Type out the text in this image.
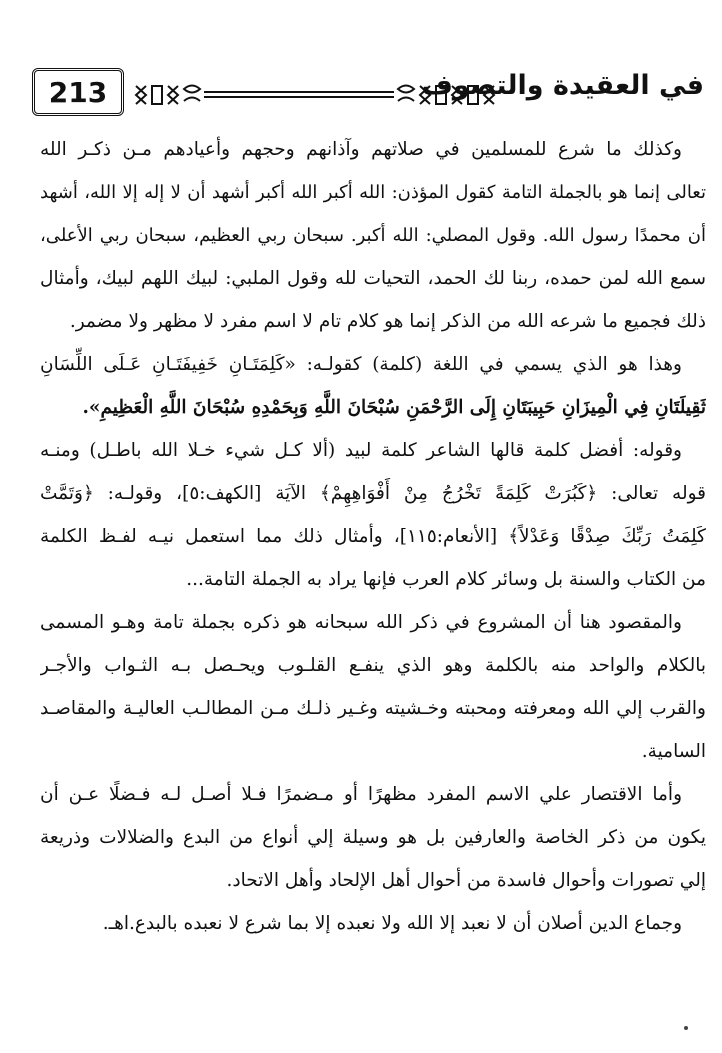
213	في العقيدة والتصوف
وكذلك ما شرع للمسلمين في صلاتهم وآذانهم وحجهم وأعيادهم مـن ذكـر الله
تعالى إنما هو بالجملة التامة كقول المؤذن: الله أكبر الله أكبر أشهد أن لا إله إلا الله، أشهد
أن محمدًا رسول الله. وقول المصلي: الله أكبر. سبحان ربي العظيم، سبحان ربي الأعلى،
سمع الله لمن حمده، ربنا لك الحمد، التحيات لله وقول الملبي: لبيك اللهم لبيك، وأمثال
ذلك فجميع ما شرعه الله من الذكر إنما هو كلام تام لا اسم مفرد لا مظهر ولا مضمر.
وهذا هو الذي يسمي في اللغة (كلمة) كقولـه: «كَلِمَتَـانِ خَفِيفَتَـانِ عَـلَى اللِّسَانِ
ثَقِيلَتَانِ فِي الْمِيزَانِ حَبِيبَتَانِ إِلَى الرَّحْمَنِ سُبْحَانَ اللَّهِ وَبِحَمْدِهِ سُبْحَانَ اللَّهِ الْعَظِيمِ».
وقوله: أفضل كلمة قالها الشاعر كلمة لبيد (ألا كـل شيء خـلا الله باطـل) ومنـه
قوله تعالى: ﴿كَبُرَتْ كَلِمَةً تَخْرُجُ مِنْ أَفْوَاهِهِمْ﴾ الآيَة [الكهف:٥]، وقولـه: ﴿وَتَمَّتْ
كَلِمَتُ رَبِّكَ صِدْقًا وَعَدْلاً﴾ [الأنعام:١١٥]، وأمثال ذلك مما استعمل نيـه لفـظ الكلمة
من الكتاب والسنة بل وسائر كلام العرب فإنها يراد به الجملة التامة...
والمقصود هنا أن المشروع في ذكر الله سبحانه هو ذكره بجملة تامة وهـو المسمى
بالكلام والواحد منه بالكلمة وهو الذي ينفـع القلـوب ويحـصل بـه الثـواب والأجـر
والقرب إلي الله ومعرفته ومحبته وخـشيته وغـير ذلـك مـن المطالـب العاليـة والمقاصـد
السامية.
وأما الاقتصار علي الاسم المفرد مظهرًا أو مـضمرًا فـلا أصـل لـه فـضلًا عـن أن
يكون من ذكر الخاصة والعارفين بل هو وسيلة إلي أنواع من البدع والضلالات وذريعة
إلي تصورات وأحوال فاسدة من أحوال أهل الإلحاد وأهل الاتحاد.
وجماع الدين أصلان أن لا نعبد إلا الله ولا نعبده إلا بما شرع لا نعبده بالبدع.اهـ.
